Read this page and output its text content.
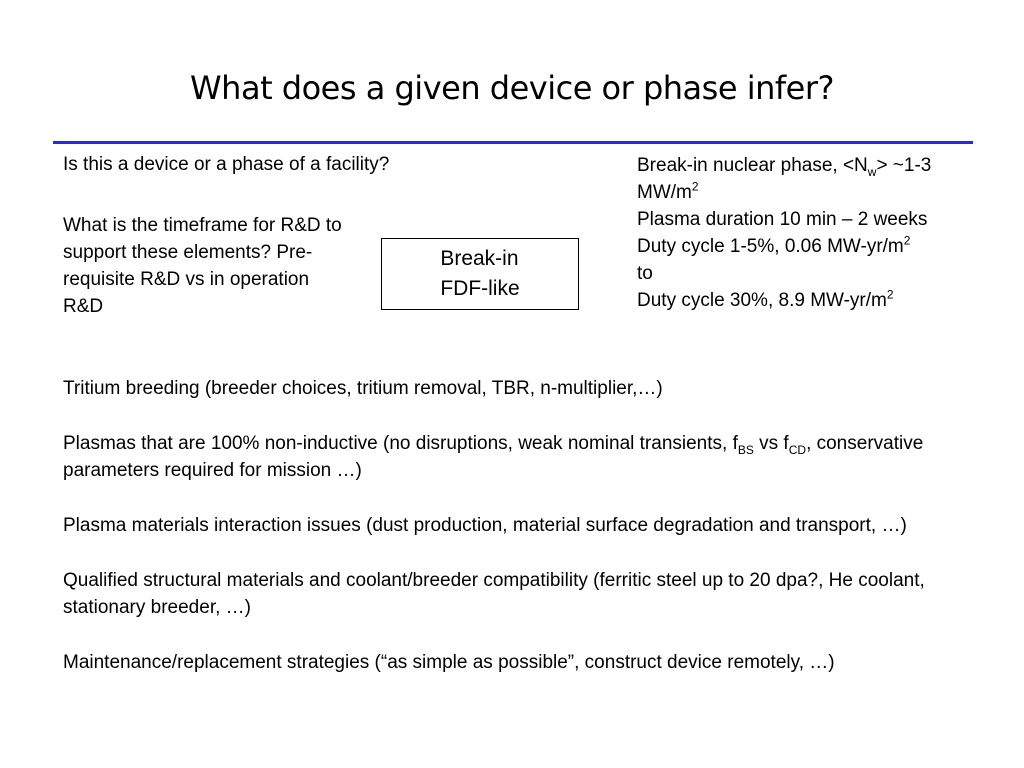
What does a given device or phase infer?
Is this a device or a phase of a facility?
What is the timeframe for R&D to support these elements? Pre-requisite R&D vs in operation R&D
Break-in
FDF-like
Break-in nuclear phase, $<N_w>$ ~1-3
$MW/m^2$
Plasma duration 10 min – 2 weeks
Duty cycle 1-5%, 0.06 $MW-yr/m^2$
to
Duty cycle 30%, 8.9 $MW-yr/m^2$

Tritium breeding (breeder choices, tritium removal, TBR, n-multiplier,…)

Plasmas that are 100% non-inductive (no disruptions, weak nominal transients, $f_{BS}$ vs $f_{CD}$, conservative parameters required for mission …)

Plasma materials interaction issues (dust production, material surface degradation and transport, …)

Qualified structural materials and coolant/breeder compatibility (ferritic steel up to 20 dpa?, He coolant, stationary breeder, …)

Maintenance/replacement strategies (“as simple as possible”, construct device remotely, …)
